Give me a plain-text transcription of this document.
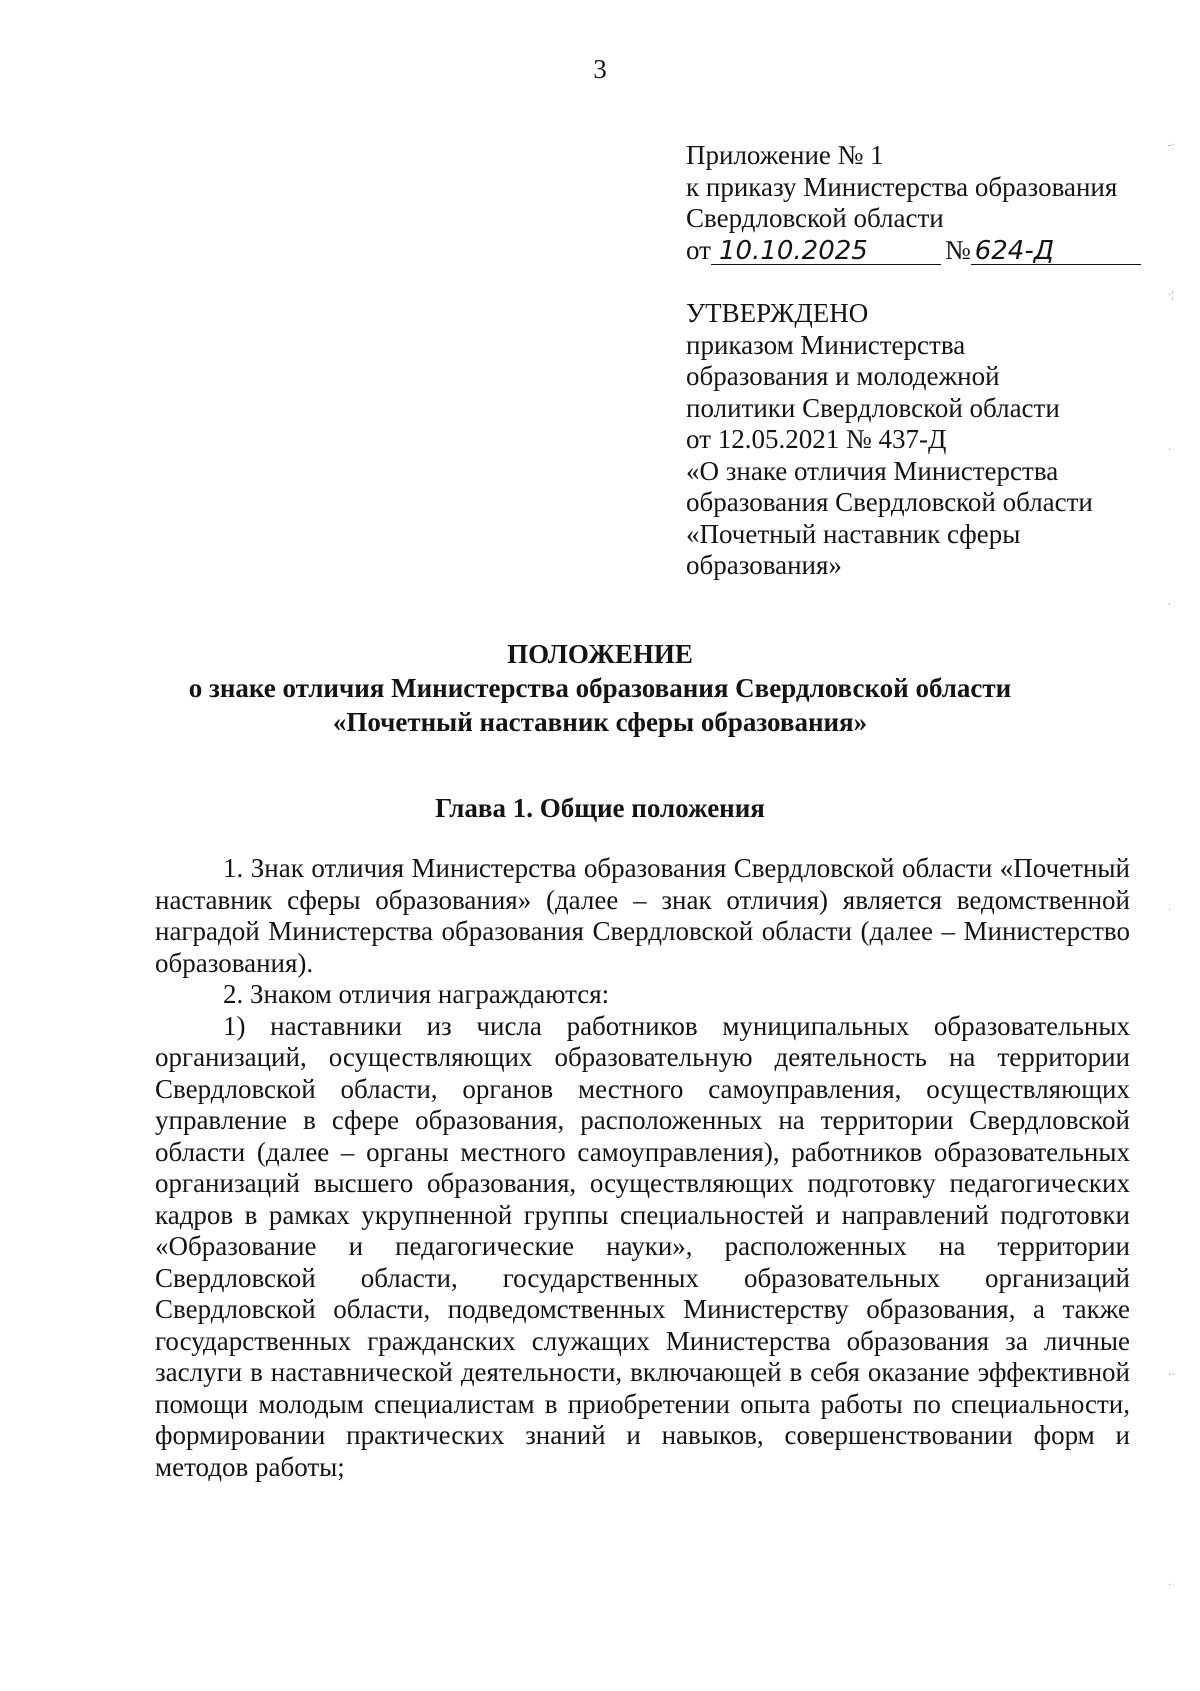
3
Приложение № 1
к приказу Министерства образования
Свердловской области
от 10.10.2025	№ 624-Д
УТВЕРЖДЕНО
приказом Министерства
образования и молодежной
политики Свердловской области
от 12.05.2021 № 437-Д
«О знаке отличия Министерства
образования Свердловской области
«Почетный наставник сферы
образования»
ПОЛОЖЕНИЕ
о знаке отличия Министерства образования Свердловской области
«Почетный наставник сферы образования»
Глава 1. Общие положения

1. Знак отличия Министерства образования Свердловской области «Почетный наставник сферы образования» (далее – знак отличия) является ведомственной наградой Министерства образования Свердловской области (далее – Министерство образования).

2. Знаком отличия награждаются:

1) наставники из числа работников муниципальных образовательных организаций, осуществляющих образовательную деятельность на территории Свердловской области, органов местного самоуправления, осуществляющих управление в сфере образования, расположенных на территории Свердловской области (далее – органы местного самоуправления), работников образовательных организаций высшего образования, осуществляющих подготовку педагогических кадров в рамках укрупненной группы специальностей и направлений подготовки «Образование и педагогические науки», расположенных на территории Свердловской области, государственных образовательных организаций Свердловской области, подведомственных Министерству образования, а также государственных гражданских служащих Министерства образования за личные заслуги в наставнической деятельности, включающей в себя оказание эффективной помощи молодым специалистам в приобретении опыта работы по специальности, формировании практических знаний и навыков, совершенствовании форм и методов работы;

-·
·¦
·
·
·
··
·
